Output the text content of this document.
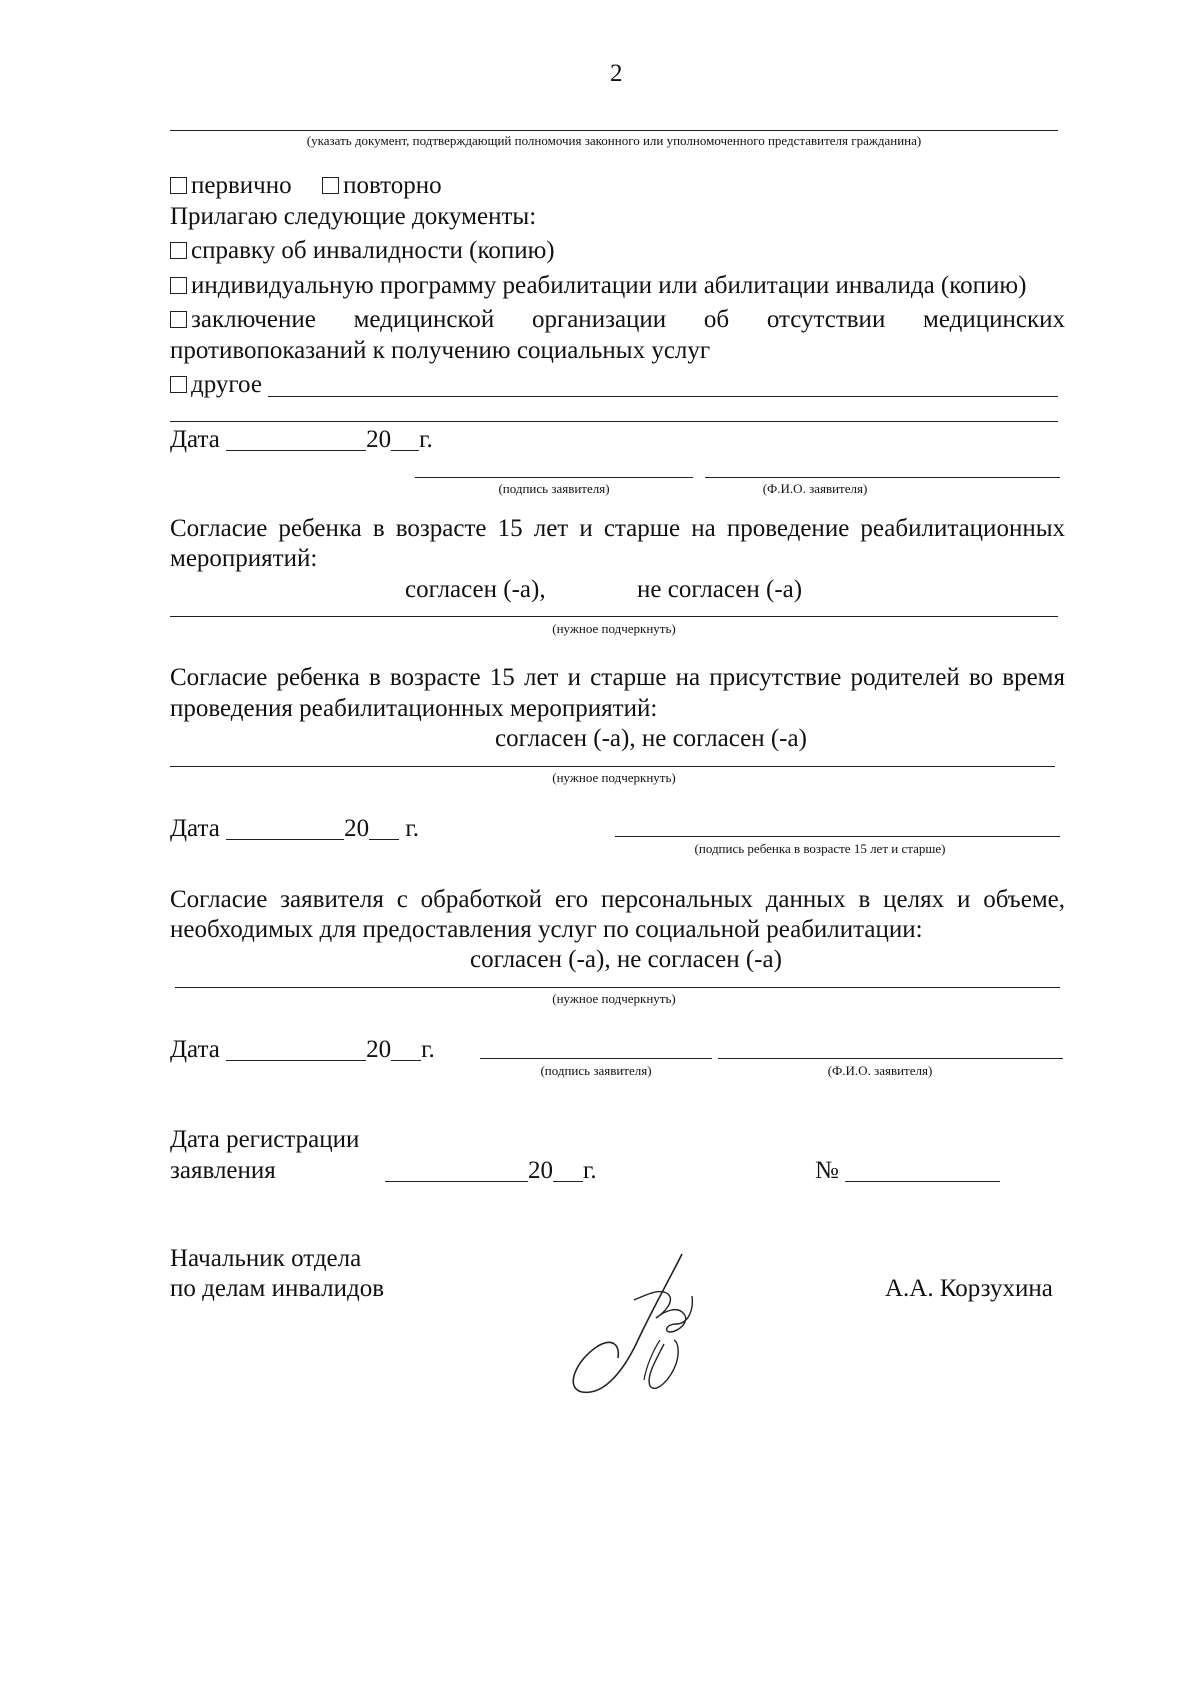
2
(указать документ, подтверждающий полномочия законного или уполномоченного представителя гражданина)
первично повторно
Прилагаю следующие документы:
справку об инвалидности (копию)
индивидуальную программу реабилитации или абилитации инвалида (копию)
заключение медицинской организации об отсутствии медицинских
противопоказаний к получению социальных услуг
другое
Дата	20 г.
(подпись заявителя)	(Ф.И.О. заявителя)
Согласие ребенка в возрасте 15 лет и старше на проведение реабилитационных
мероприятий:
согласен (-а),	не согласен (-а)
(нужное подчеркнуть)
Согласие ребенка в возрасте 15 лет и старше на присутствие родителей во время
проведения реабилитационных мероприятий:
согласен (-а), не согласен (-а)
(нужное подчеркнуть)
Дата	20 г.
(подпись ребенка в возрасте 15 лет и старше)
Согласие заявителя с обработкой его персональных данных в целях и объеме,
необходимых для предоставления услуг по социальной реабилитации:
согласен (-а), не согласен (-а)
(нужное подчеркнуть)
Дата	20 г.
(подпись заявителя)	(Ф.И.О. заявителя)
Дата регистрации
заявления	20 г.	№
Начальник отдела
по делам инвалидов	А.А. Корзухина
